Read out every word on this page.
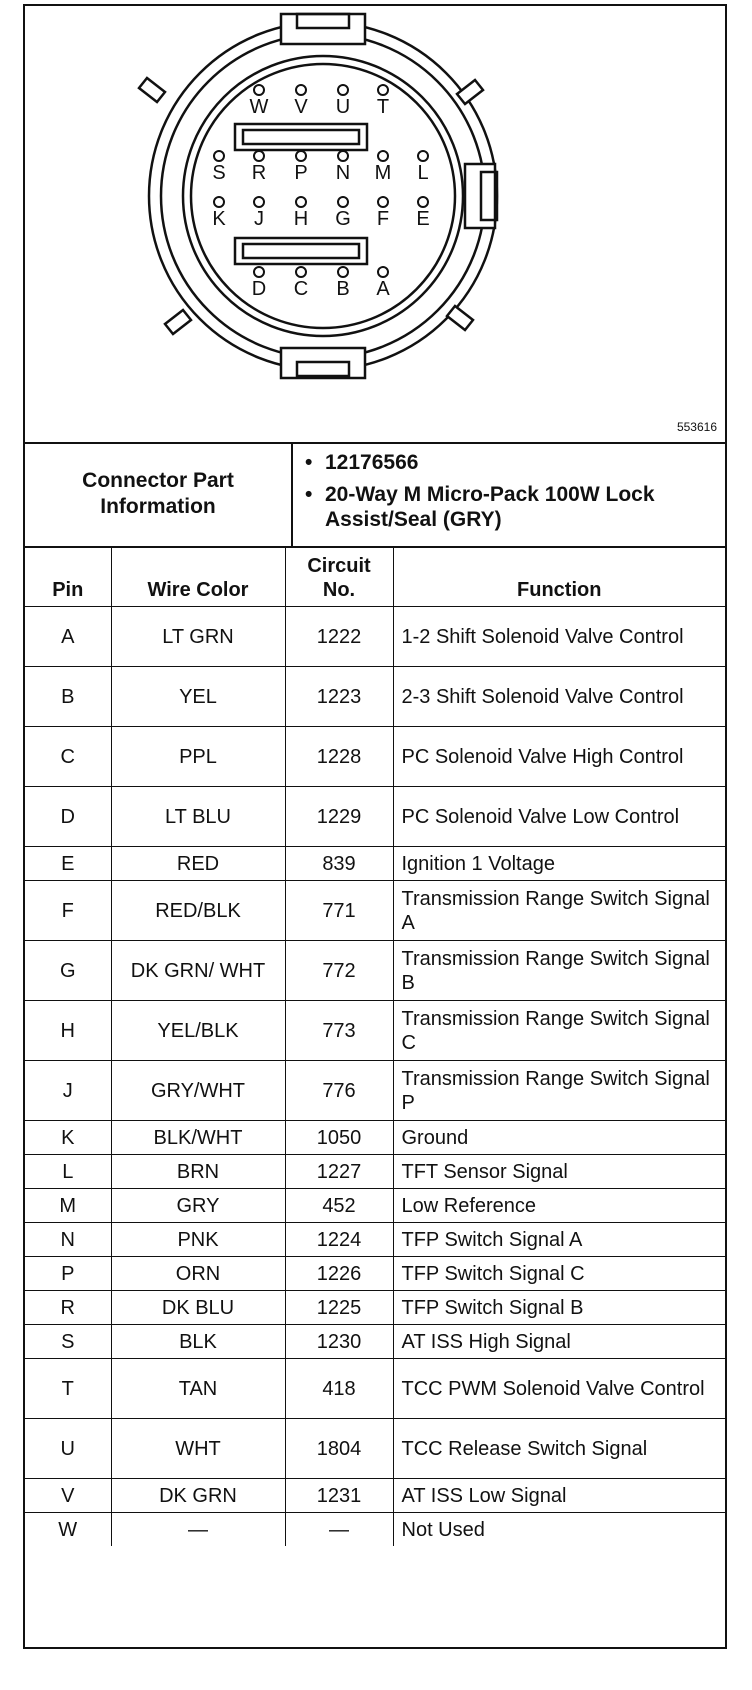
W V U T
S R P N M L
K J H G F E
D C B A
553616
Connector Part Information
• 12176566
• 20-Way M Micro-Pack 100W Lock Assist/Seal (GRY)
Pin	Wire Color	Circuit No.	Function
A	LT GRN	1222	1-2 Shift Solenoid Valve Control
B	YEL	1223	2-3 Shift Solenoid Valve Control
C	PPL	1228	PC Solenoid Valve High Control
D	LT BLU	1229	PC Solenoid Valve Low Control
E	RED	839	Ignition 1 Voltage
F	RED/BLK	771	Transmission Range Switch Signal A
G	DK GRN/ WHT	772	Transmission Range Switch Signal B
H	YEL/BLK	773	Transmission Range Switch Signal C
J	GRY/WHT	776	Transmission Range Switch Signal P
K	BLK/WHT	1050	Ground
L	BRN	1227	TFT Sensor Signal
M	GRY	452	Low Reference
N	PNK	1224	TFP Switch Signal A
P	ORN	1226	TFP Switch Signal C
R	DK BLU	1225	TFP Switch Signal B
S	BLK	1230	AT ISS High Signal
T	TAN	418	TCC PWM Solenoid Valve Control
U	WHT	1804	TCC Release Switch Signal
V	DK GRN	1231	AT ISS Low Signal
W	—	—	Not Used
